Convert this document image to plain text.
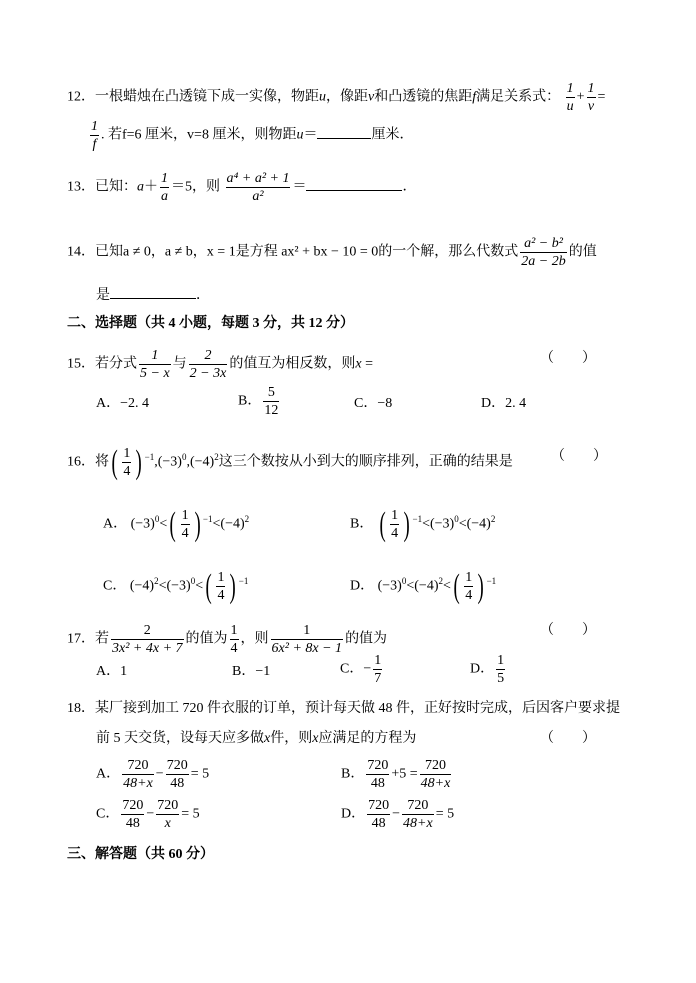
12．一根蜡烛在凸透镜下成一实像，物距u，像距v和凸透镜的焦距f满足关系式： $\frac{1}{u} + \frac{1}{v}$ =
$\frac{1}{f}$ . 若f=6 厘米，v=8 厘米，则物距u＝	厘米．
13．已知：$a+ \frac{1}{a} =5$，则 $\frac{\text{a⁴ + a² + 1}}{\text{a²}}$ ＝	．
14．已知a ≠ 0，a ≠ b，x = 1是方程 ax² + bx − 10 = 0的一个解，那么代数式 $\frac{\text{a² − b²}}{2a - 2b}$ 的值
是	．
二、选择题（共 4 小题，每题 3 分，共 12 分）
15．若分式 $\frac{1}{5 - x}$ 与 $\frac{2}{2 - 3x}$ 的值互为相反数，则x =	（　　）
A．−2. 4	B． $\frac{5}{12}$	C．−8	D．2. 4
16．将( $\frac{1}{4}$ ) $^{-1},(-3)^0,(-4)^2$这三个数按从小到大的顺序排列，正确的结果是	（　　）
A． $(-3)^0<( \frac{1}{4}$ ) $^{-1}<(-4)^2$	B． ( $\frac{1}{4}$ ) $^{-1}<(-3)^0<(-4)^2$
C． $(-4)^2<(-3)^0<( \frac{1}{4}$ ) $^{-1}$	D． $(-3)^0<(-4)^2<( \frac{1}{4}$ ) $^{-1}$
17．若 $\frac{2}{\text{3x² + 4x + 7}}$ 的值为 $\frac{1}{4}$ ，则 $\frac{1}{\text{6x² + 8x − 1}}$ 的值为
（　　）
A．1	B．−1	C．− $\frac{1}{7}$	D． $\frac{1}{5}$
18．某厂接到加工 720 件衣服的订单，预计每天做 48 件，正好按时完成，后因客户要求提
前 5 天交货，设每天应多做x件，则x应满足的方程为	（　　）
A． $\frac{720}{48+x} - \frac{720}{48} = 5$	B． $\frac{720}{48} +5 = \frac{720}{48+x}$
C． $\frac{720}{48} - \frac{720}{x} = 5$	D． $\frac{720}{48} - \frac{720}{48+x} = 5$
三、解答题（共 60 分）
